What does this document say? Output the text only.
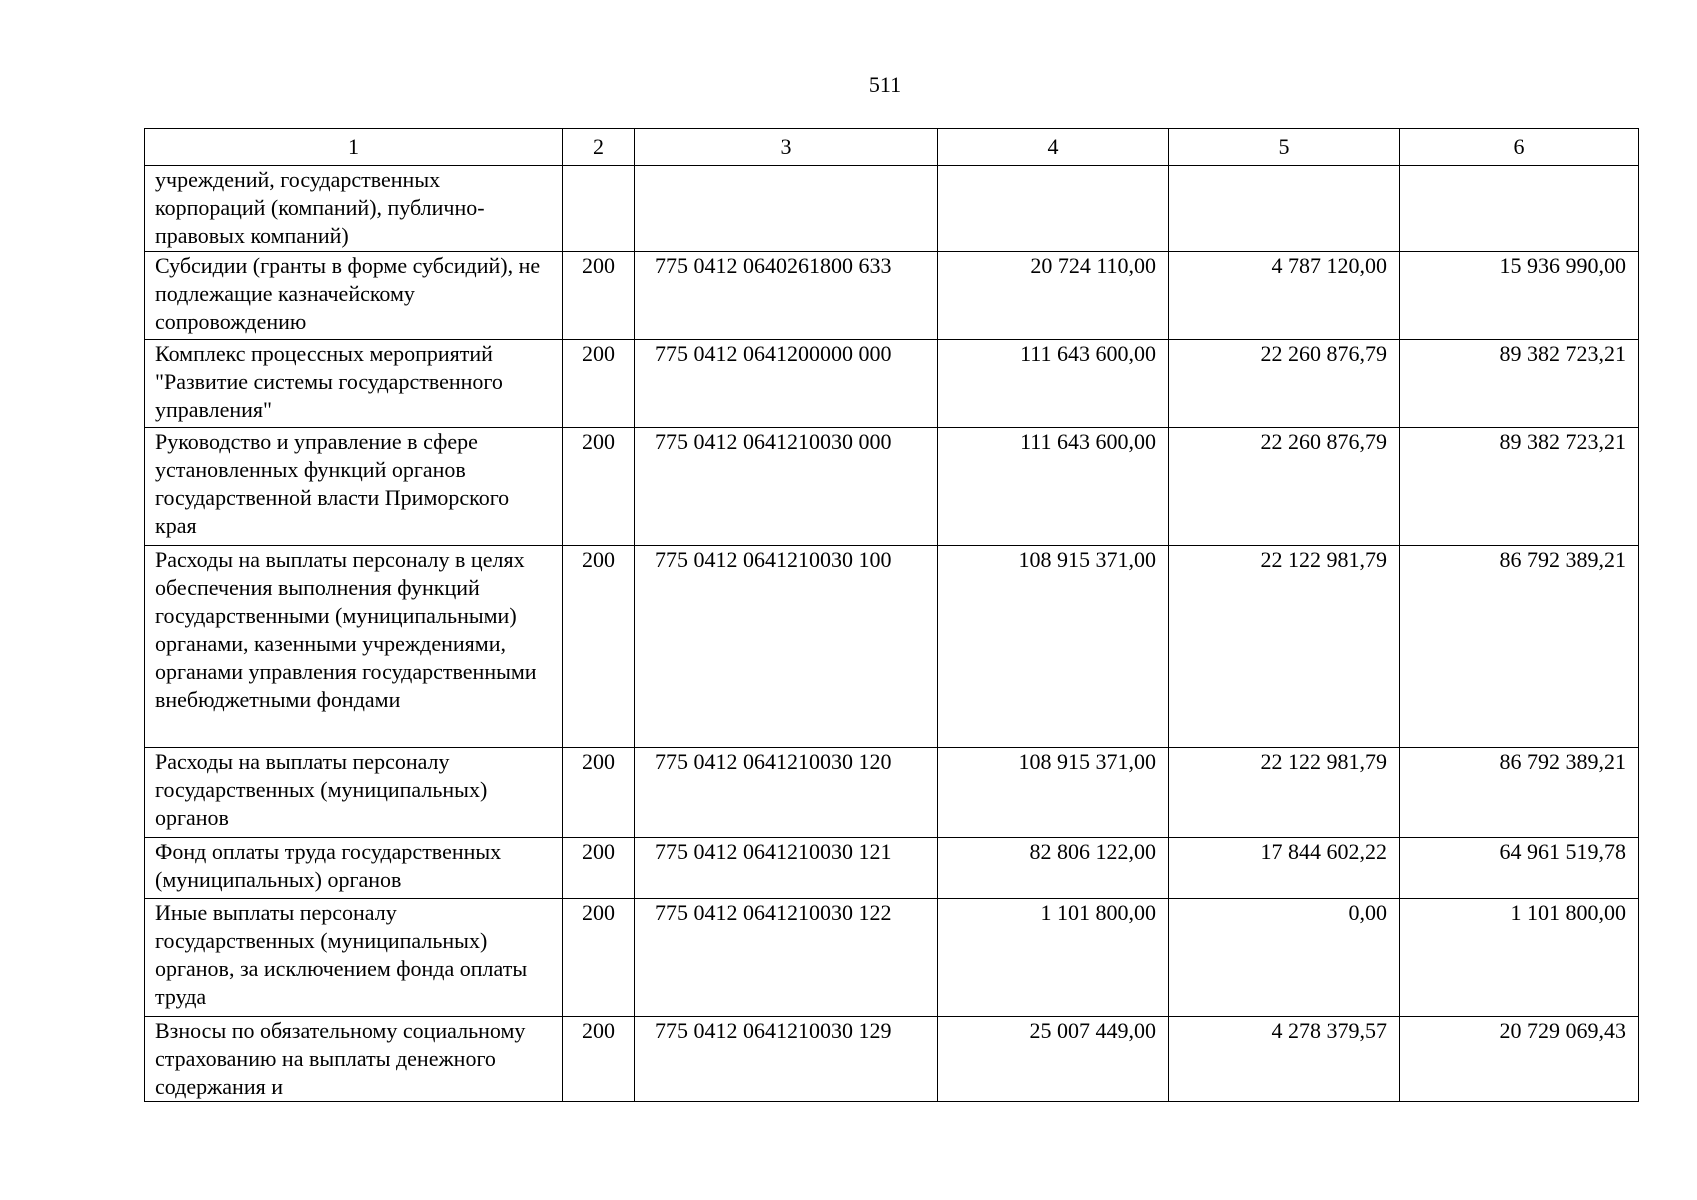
511
1	2	3	4	5	6
учреждений, государственных корпораций (компаний), публично-правовых компаний)					
Субсидии (гранты в форме субсидий), не подлежащие казначейскому сопровождению	200	775 0412 0640261800 633	20 724 110,00	4 787 120,00	15 936 990,00
Комплекс процессных мероприятий "Развитие системы государственного управления"	200	775 0412 0641200000 000	111 643 600,00	22 260 876,79	89 382 723,21
Руководство и управление в сфере установленных функций органов государственной власти Приморского края	200	775 0412 0641210030 000	111 643 600,00	22 260 876,79	89 382 723,21
Расходы на выплаты персоналу в целях обеспечения выполнения функций государственными (муниципальными) органами, казенными учреждениями, органами управления государственными внебюджетными фондами	200	775 0412 0641210030 100	108 915 371,00	22 122 981,79	86 792 389,21
Расходы на выплаты персоналу государственных (муниципальных) органов	200	775 0412 0641210030 120	108 915 371,00	22 122 981,79	86 792 389,21
Фонд оплаты труда государственных (муниципальных) органов	200	775 0412 0641210030 121	82 806 122,00	17 844 602,22	64 961 519,78
Иные выплаты персоналу государственных (муниципальных) органов, за исключением фонда оплаты труда	200	775 0412 0641210030 122	1 101 800,00	0,00	1 101 800,00
Взносы по обязательному социальному страхованию на выплаты денежного содержания и	200	775 0412 0641210030 129	25 007 449,00	4 278 379,57	20 729 069,43
